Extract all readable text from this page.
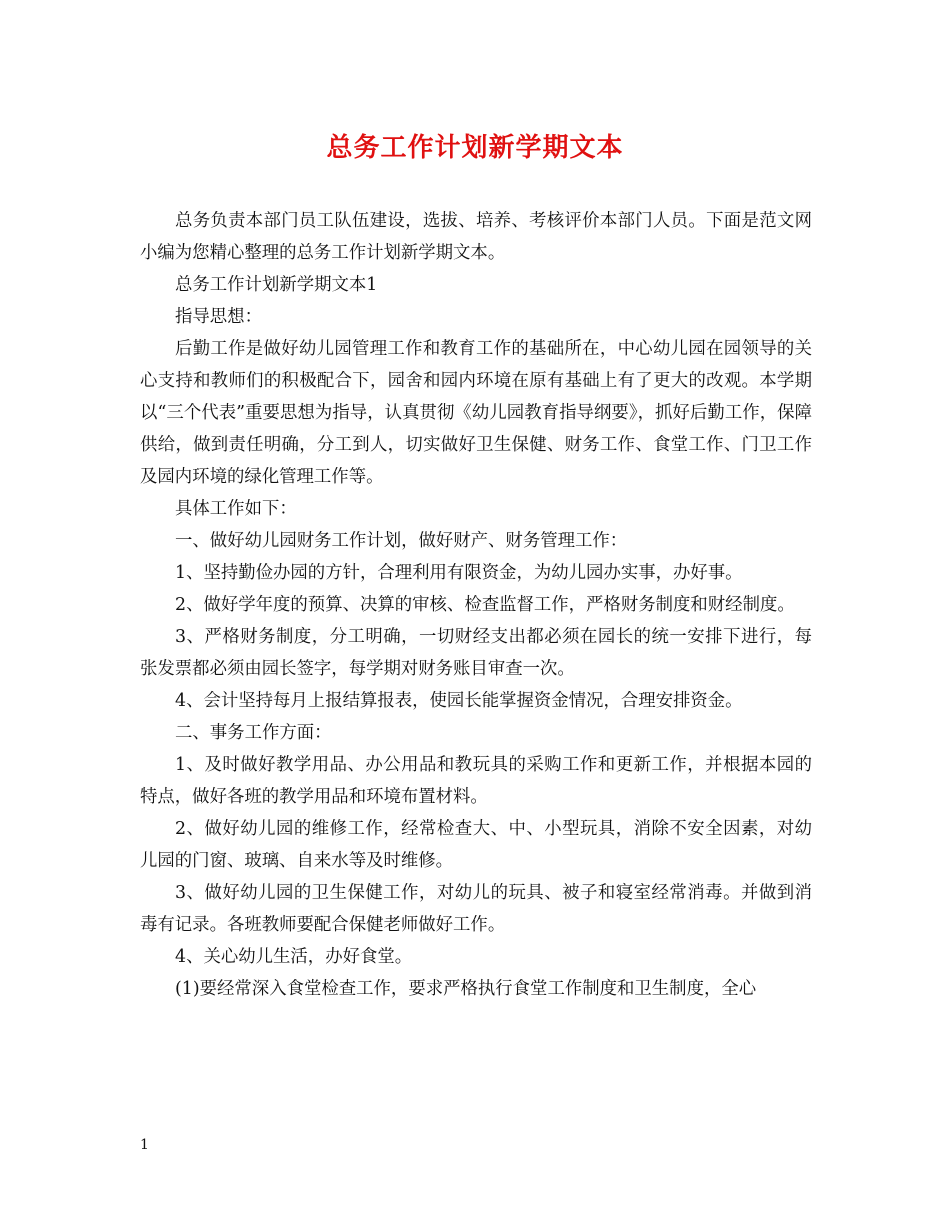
总务工作计划新学期文本

总务负责本部门员工队伍建设，选拔、培养、考核评价本部门人员。下面是范文网小编为您精心整理的总务工作计划新学期文本。

总务工作计划新学期文本1

指导思想：

后勤工作是做好幼儿园管理工作和教育工作的基础所在，中心幼儿园在园领导的关心支持和教师们的积极配合下，园舍和园内环境在原有基础上有了更大的改观。本学期以“三个代表”重要思想为指导，认真贯彻《幼儿园教育指导纲要》，抓好后勤工作，保障供给，做到责任明确，分工到人，切实做好卫生保健、财务工作、食堂工作、门卫工作及园内环境的绿化管理工作等。

具体工作如下：

一、做好幼儿园财务工作计划，做好财产、财务管理工作：

1、坚持勤俭办园的方针，合理利用有限资金，为幼儿园办实事，办好事。

2、做好学年度的预算、决算的审核、检查监督工作，严格财务制度和财经制度。

3、严格财务制度，分工明确，一切财经支出都必须在园长的统一安排下进行，每张发票都必须由园长签字，每学期对财务账目审查一次。

4、会计坚持每月上报结算报表，使园长能掌握资金情况，合理安排资金。

二、事务工作方面：

1、及时做好教学用品、办公用品和教玩具的采购工作和更新工作，并根据本园的特点，做好各班的教学用品和环境布置材料。

2、做好幼儿园的维修工作，经常检查大、中、小型玩具，消除不安全因素，对幼儿园的门窗、玻璃、自来水等及时维修。

3、做好幼儿园的卫生保健工作，对幼儿的玩具、被子和寝室经常消毒。并做到消毒有记录。各班教师要配合保健老师做好工作。

4、关心幼儿生活，办好食堂。

(1)要经常深入食堂检查工作，要求严格执行食堂工作制度和卫生制度，全心

1
